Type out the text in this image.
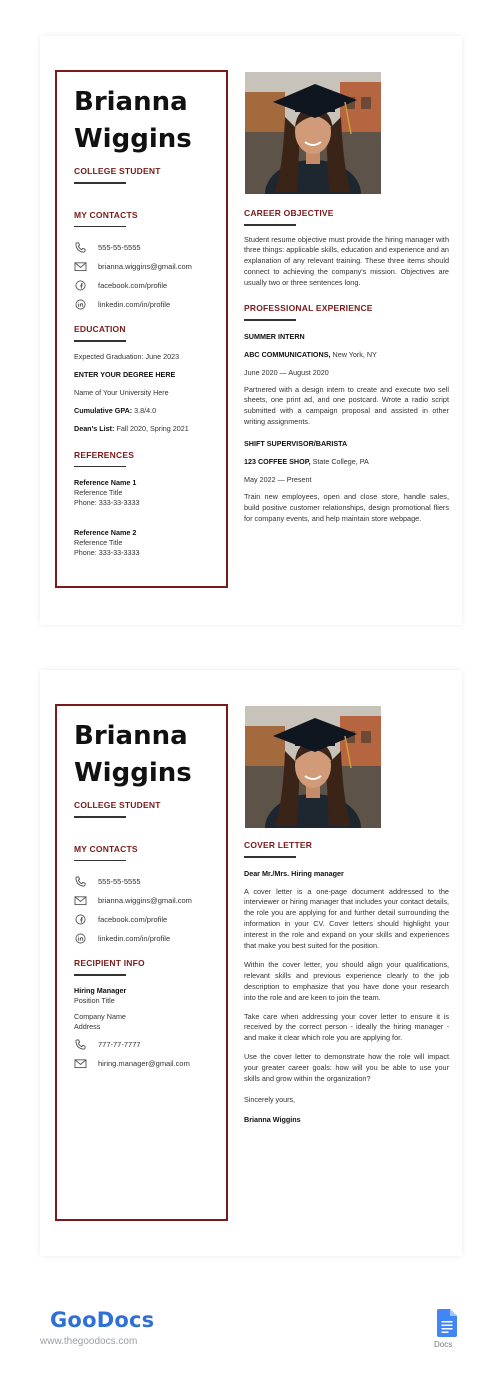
Brianna
Wiggins
COLLEGE STUDENT
MY CONTACTS
555-55-5555
brianna.wiggins@gmail.com
facebook.com/profile
linkedin.com/in/profile
EDUCATION
Expected Graduation: June 2023
ENTER YOUR DEGREE HERE
Name of Your University Here
Cumulative GPA: 3.8/4.0
Dean's List: Fall 2020, Spring 2021
REFERENCES
Reference Name 1
Reference Title
Phone: 333-33-3333
Reference Name 2
Reference Title
Phone: 333-33-3333
CAREER OBJECTIVE
Student resume objective must provide the hiring manager with three things: applicable skills, education and experience and an explanation of any relevant training. These three items should connect to achieving the company's mission. Objectives are usually two or three sentences long.
PROFESSIONAL EXPERIENCE
SUMMER INTERN
ABC COMMUNICATIONS, New York, NY
June 2020 — August 2020
Partnered with a design intern to create and execute two sell sheets, one print ad, and one postcard. Wrote a radio script submitted with a campaign proposal and assisted in other writing assignments.
SHIFT SUPERVISOR/BARISTA
123 COFFEE SHOP, State College, PA
May 2022 — Present
Train new employees, open and close store, handle sales, build positive customer relationships, design promotional fliers for company events, and help maintain store webpage.
Brianna
Wiggins
COLLEGE STUDENT
MY CONTACTS
555-55-5555
brianna.wiggins@gmail.com
facebook.com/profile
linkedin.com/in/profile
RECIPIENT INFO
Hiring Manager
Position Title
Company Name
Address
777-77-7777
hiring.manager@gmail.com
COVER LETTER
Dear Mr./Mrs. Hiring manager
A cover letter is a one-page document addressed to the interviewer or hiring manager that includes your contact details, the role you are applying for and further detail surrounding the information in your CV. Cover letters should highlight your interest in the role and expand on your skills and experiences that make you best suited for the position.
Within the cover letter, you should align your qualifications, relevant skills and previous experience clearly to the job description to emphasize that you have done your research into the role and are keen to join the team.
Take care when addressing your cover letter to ensure it is received by the correct person - ideally the hiring manager - and make it clear which role you are applying for.
Use the cover letter to demonstrate how the role will impact your greater career goals: how will you be able to use your skills and grow within the organization?
Sincerely yours,
Brianna Wiggins
GooDocs
www.thegoodocs.com	Docs
